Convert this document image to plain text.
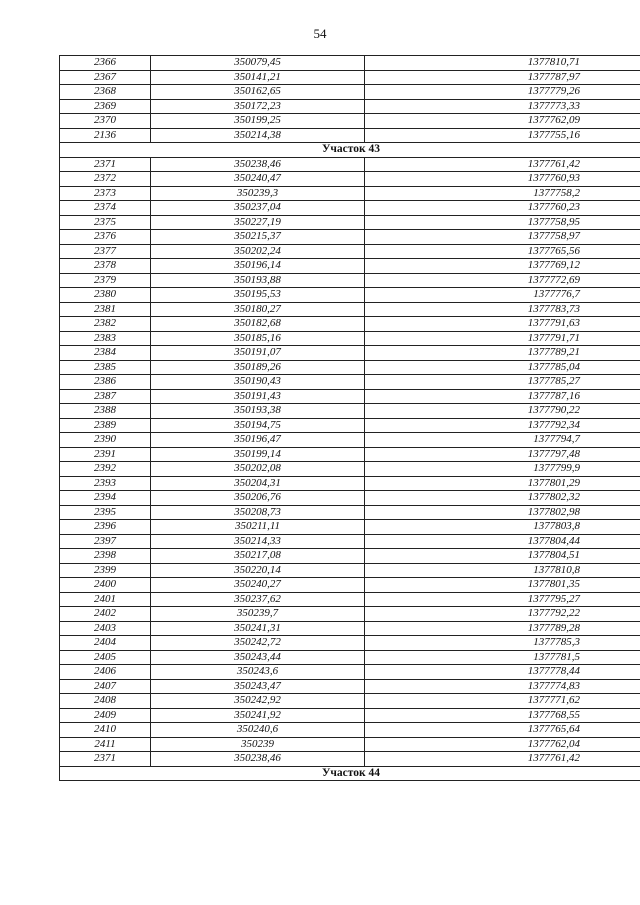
54
2366	350079,45	1377810,71
2367	350141,21	1377787,97
2368	350162,65	1377779,26
2369	350172,23	1377773,33
2370	350199,25	1377762,09
2136	350214,38	1377755,16
Участок 43		
2371	350238,46	1377761,42
2372	350240,47	1377760,93
2373	350239,3	1377758,2
2374	350237,04	1377760,23
2375	350227,19	1377758,95
2376	350215,37	1377758,97
2377	350202,24	1377765,56
2378	350196,14	1377769,12
2379	350193,88	1377772,69
2380	350195,53	1377776,7
2381	350180,27	1377783,73
2382	350182,68	1377791,63
2383	350185,16	1377791,71
2384	350191,07	1377789,21
2385	350189,26	1377785,04
2386	350190,43	1377785,27
2387	350191,43	1377787,16
2388	350193,38	1377790,22
2389	350194,75	1377792,34
2390	350196,47	1377794,7
2391	350199,14	1377797,48
2392	350202,08	1377799,9
2393	350204,31	1377801,29
2394	350206,76	1377802,32
2395	350208,73	1377802,98
2396	350211,11	1377803,8
2397	350214,33	1377804,44
2398	350217,08	1377804,51
2399	350220,14	1377810,8
2400	350240,27	1377801,35
2401	350237,62	1377795,27
2402	350239,7	1377792,22
2403	350241,31	1377789,28
2404	350242,72	1377785,3
2405	350243,44	1377781,5
2406	350243,6	1377778,44
2407	350243,47	1377774,83
2408	350242,92	1377771,62
2409	350241,92	1377768,55
2410	350240,6	1377765,64
2411	350239	1377762,04
2371	350238,46	1377761,42
Участок 44		
